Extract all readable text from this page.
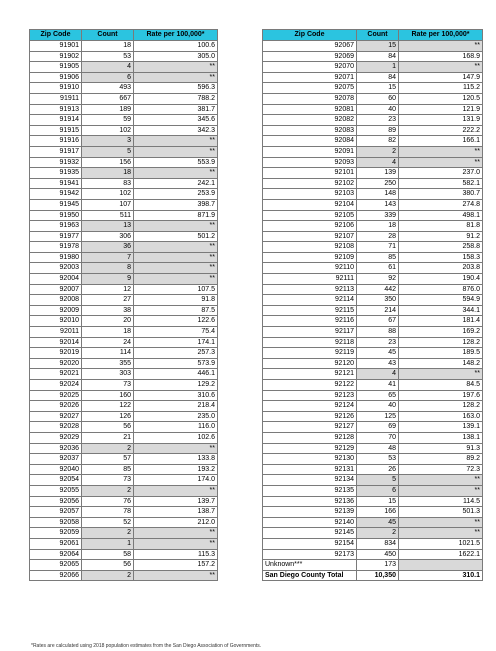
Zip Code	Count	Rate per 100,000*
91901	18	100.6
91902	53	305.0
91905	4	**
91906	6	**
91910	493	596.3
91911	667	788.2
91913	189	381.7
91914	59	345.6
91915	102	342.3
91916	3	**
91917	5	**
91932	156	553.9
91935	18	**
91941	83	242.1
91942	102	253.9
91945	107	398.7
91950	511	871.9
91963	13	**
91977	306	501.2
91978	36	**
91980	7	**
92003	8	**
92004	9	**
92007	12	107.5
92008	27	91.8
92009	38	87.5
92010	20	122.6
92011	18	75.4
92014	24	174.1
92019	114	257.3
92020	355	573.9
92021	303	446.1
92024	73	129.2
92025	160	310.6
92026	122	218.4
92027	126	235.0
92028	56	116.0
92029	21	102.6
92036	2	**
92037	57	133.8
92040	85	193.2
92054	73	174.0
92055	2	**
92056	76	139.7
92057	78	138.7
92058	52	212.0
92059	2	**
92061	1	**
92064	58	115.3
92065	56	157.2
92066	2	**
Zip Code	Count	Rate per 100,000*
92067	15	**
92069	84	168.9
92070	1	**
92071	84	147.9
92075	15	115.2
92078	60	120.5
92081	40	121.9
92082	23	131.9
92083	89	222.2
92084	82	166.1
92091	2	**
92093	4	**
92101	139	237.0
92102	250	582.1
92103	148	380.7
92104	143	274.8
92105	339	498.1
92106	18	81.8
92107	28	91.2
92108	71	258.8
92109	85	158.3
92110	61	203.8
92111	92	190.4
92113	442	876.0
92114	350	594.9
92115	214	344.1
92116	67	181.4
92117	88	169.2
92118	23	128.2
92119	45	189.5
92120	43	148.2
92121	4	**
92122	41	84.5
92123	65	197.6
92124	40	128.2
92126	125	163.0
92127	69	139.1
92128	70	138.1
92129	48	91.3
92130	53	89.2
92131	26	72.3
92134	5	**
92135	6	**
92136	15	114.5
92139	166	501.3
92140	45	**
92145	2	**
92154	834	1021.5
92173	450	1622.1
Unknown***	173	
San Diego County Total	10,350	310.1
*Rates are calculated using 2018 population estimates from the San Diego Association of Governments.
